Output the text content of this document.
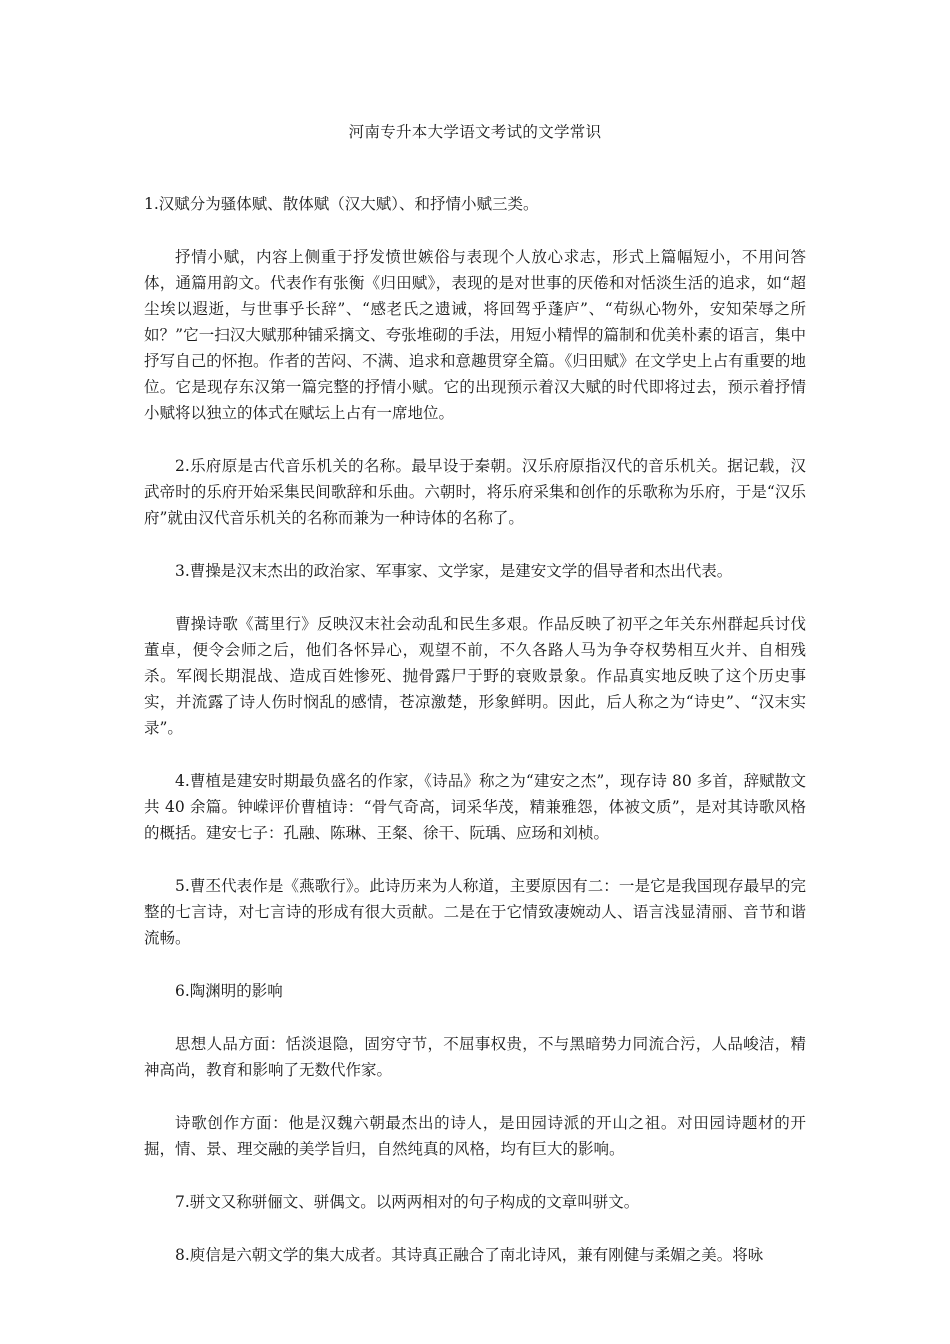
河南专升本大学语文考试的文学常识

1.汉赋分为骚体赋、散体赋（汉大赋）、和抒情小赋三类。

抒情小赋，内容上侧重于抒发愤世嫉俗与表现个人放心求志，形式上篇幅短小，不用问答体，通篇用韵文。代表作有张衡《归田赋》，表现的是对世事的厌倦和对恬淡生活的追求，如“超尘埃以遐逝，与世事乎长辞”、“感老氏之遗诫，将回驾乎蓬庐”、“苟纵心物外，安知荣辱之所如？”它一扫汉大赋那种铺采摛文、夸张堆砌的手法，用短小精悍的篇制和优美朴素的语言，集中抒写自己的怀抱。作者的苦闷、不满、追求和意趣贯穿全篇。《归田赋》在文学史上占有重要的地位。它是现存东汉第一篇完整的抒情小赋。它的出现预示着汉大赋的时代即将过去，预示着抒情小赋将以独立的体式在赋坛上占有一席地位。

2.乐府原是古代音乐机关的名称。最早设于秦朝。汉乐府原指汉代的音乐机关。据记载，汉武帝时的乐府开始采集民间歌辞和乐曲。六朝时，将乐府采集和创作的乐歌称为乐府，于是“汉乐府”就由汉代音乐机关的名称而兼为一种诗体的名称了。

3.曹操是汉末杰出的政治家、军事家、文学家，是建安文学的倡导者和杰出代表。

曹操诗歌《蒿里行》反映汉末社会动乱和民生多艰。作品反映了初平之年关东州群起兵讨伐董卓，便令会师之后，他们各怀异心，观望不前，不久各路人马为争夺权势相互火并、自相残杀。军阀长期混战、造成百姓惨死、抛骨露尸于野的衰败景象。作品真实地反映了这个历史事实，并流露了诗人伤时悯乱的感情，苍凉激楚，形象鲜明。因此，后人称之为“诗史”、“汉末实录”。

4.曹植是建安时期最负盛名的作家，《诗品》称之为“建安之杰”，现存诗 80 多首，辞赋散文共 40 余篇。钟嵘评价曹植诗：“骨气奇高，词采华茂，精兼雅怨，体被文质”，是对其诗歌风格的概括。建安七子：孔融、陈琳、王粲、徐干、阮瑀、应玚和刘桢。

5.曹丕代表作是《燕歌行》。此诗历来为人称道，主要原因有二：一是它是我国现存最早的完整的七言诗，对七言诗的形成有很大贡献。二是在于它情致凄婉动人、语言浅显清丽、音节和谐流畅。

6.陶渊明的影响

思想人品方面：恬淡退隐，固穷守节，不屈事权贵，不与黑暗势力同流合污，人品峻洁，精神高尚，教育和影响了无数代作家。

诗歌创作方面：他是汉魏六朝最杰出的诗人，是田园诗派的开山之祖。对田园诗题材的开掘，情、景、理交融的美学旨归，自然纯真的风格，均有巨大的影响。

7.骈文又称骈俪文、骈偶文。以两两相对的句子构成的文章叫骈文。

8.庾信是六朝文学的集大成者。其诗真正融合了南北诗风，兼有刚健与柔媚之美。将咏
